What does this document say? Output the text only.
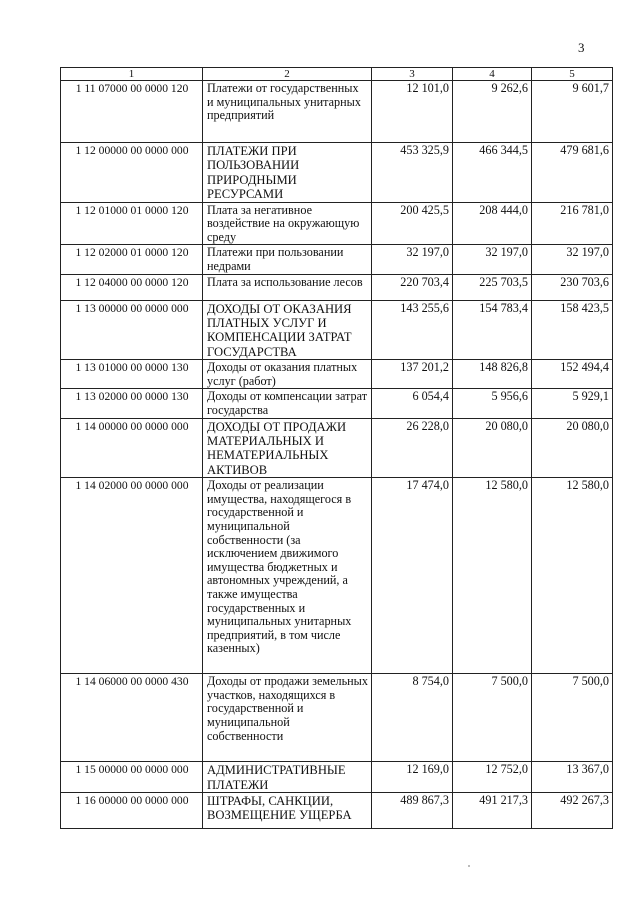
3
1	2	3	4	5
1 11 07000 00 0000 120	Платежи от государственных и муниципальных унитарных предприятий	12 101,0	9 262,6	9 601,7
1 12 00000 00 0000 000	ПЛАТЕЖИ ПРИ ПОЛЬЗОВАНИИ ПРИРОДНЫМИ РЕСУРСАМИ	453 325,9	466 344,5	479 681,6
1 12 01000 01 0000 120	Плата за негативное воздействие на окружающую среду	200 425,5	208 444,0	216 781,0
1 12 02000 01 0000 120	Платежи при пользовании недрами	32 197,0	32 197,0	32 197,0
1 12 04000 00 0000 120	Плата за использование лесов	220 703,4	225 703,5	230 703,6
1 13 00000 00 0000 000	ДОХОДЫ ОТ ОКАЗАНИЯ ПЛАТНЫХ УСЛУГ И КОМПЕНСАЦИИ ЗАТРАТ ГОСУДАРСТВА	143 255,6	154 783,4	158 423,5
1 13 01000 00 0000 130	Доходы от оказания платных услуг (работ)	137 201,2	148 826,8	152 494,4
1 13 02000 00 0000 130	Доходы от компенсации затрат государства	6 054,4	5 956,6	5 929,1
1 14 00000 00 0000 000	ДОХОДЫ ОТ ПРОДАЖИ МАТЕРИАЛЬНЫХ И НЕМАТЕРИАЛЬНЫХ АКТИВОВ	26 228,0	20 080,0	20 080,0
1 14 02000 00 0000 000	Доходы от реализации имущества, находящегося в государственной и муниципальной собственности (за исключением движимого имущества бюджетных и автономных учреждений, а также имущества государственных и муниципальных унитарных предприятий, в том числе казенных)	17 474,0	12 580,0	12 580,0
1 14 06000 00 0000 430	Доходы от продажи земельных участков, находящихся в государственной и муниципальной собственности	8 754,0	7 500,0	7 500,0
1 15 00000 00 0000 000	АДМИНИСТРАТИВНЫЕ ПЛАТЕЖИ	12 169,0	12 752,0	13 367,0
1 16 00000 00 0000 000	ШТРАФЫ, САНКЦИИ, ВОЗМЕЩЕНИЕ УЩЕРБА	489 867,3	491 217,3	492 267,3
